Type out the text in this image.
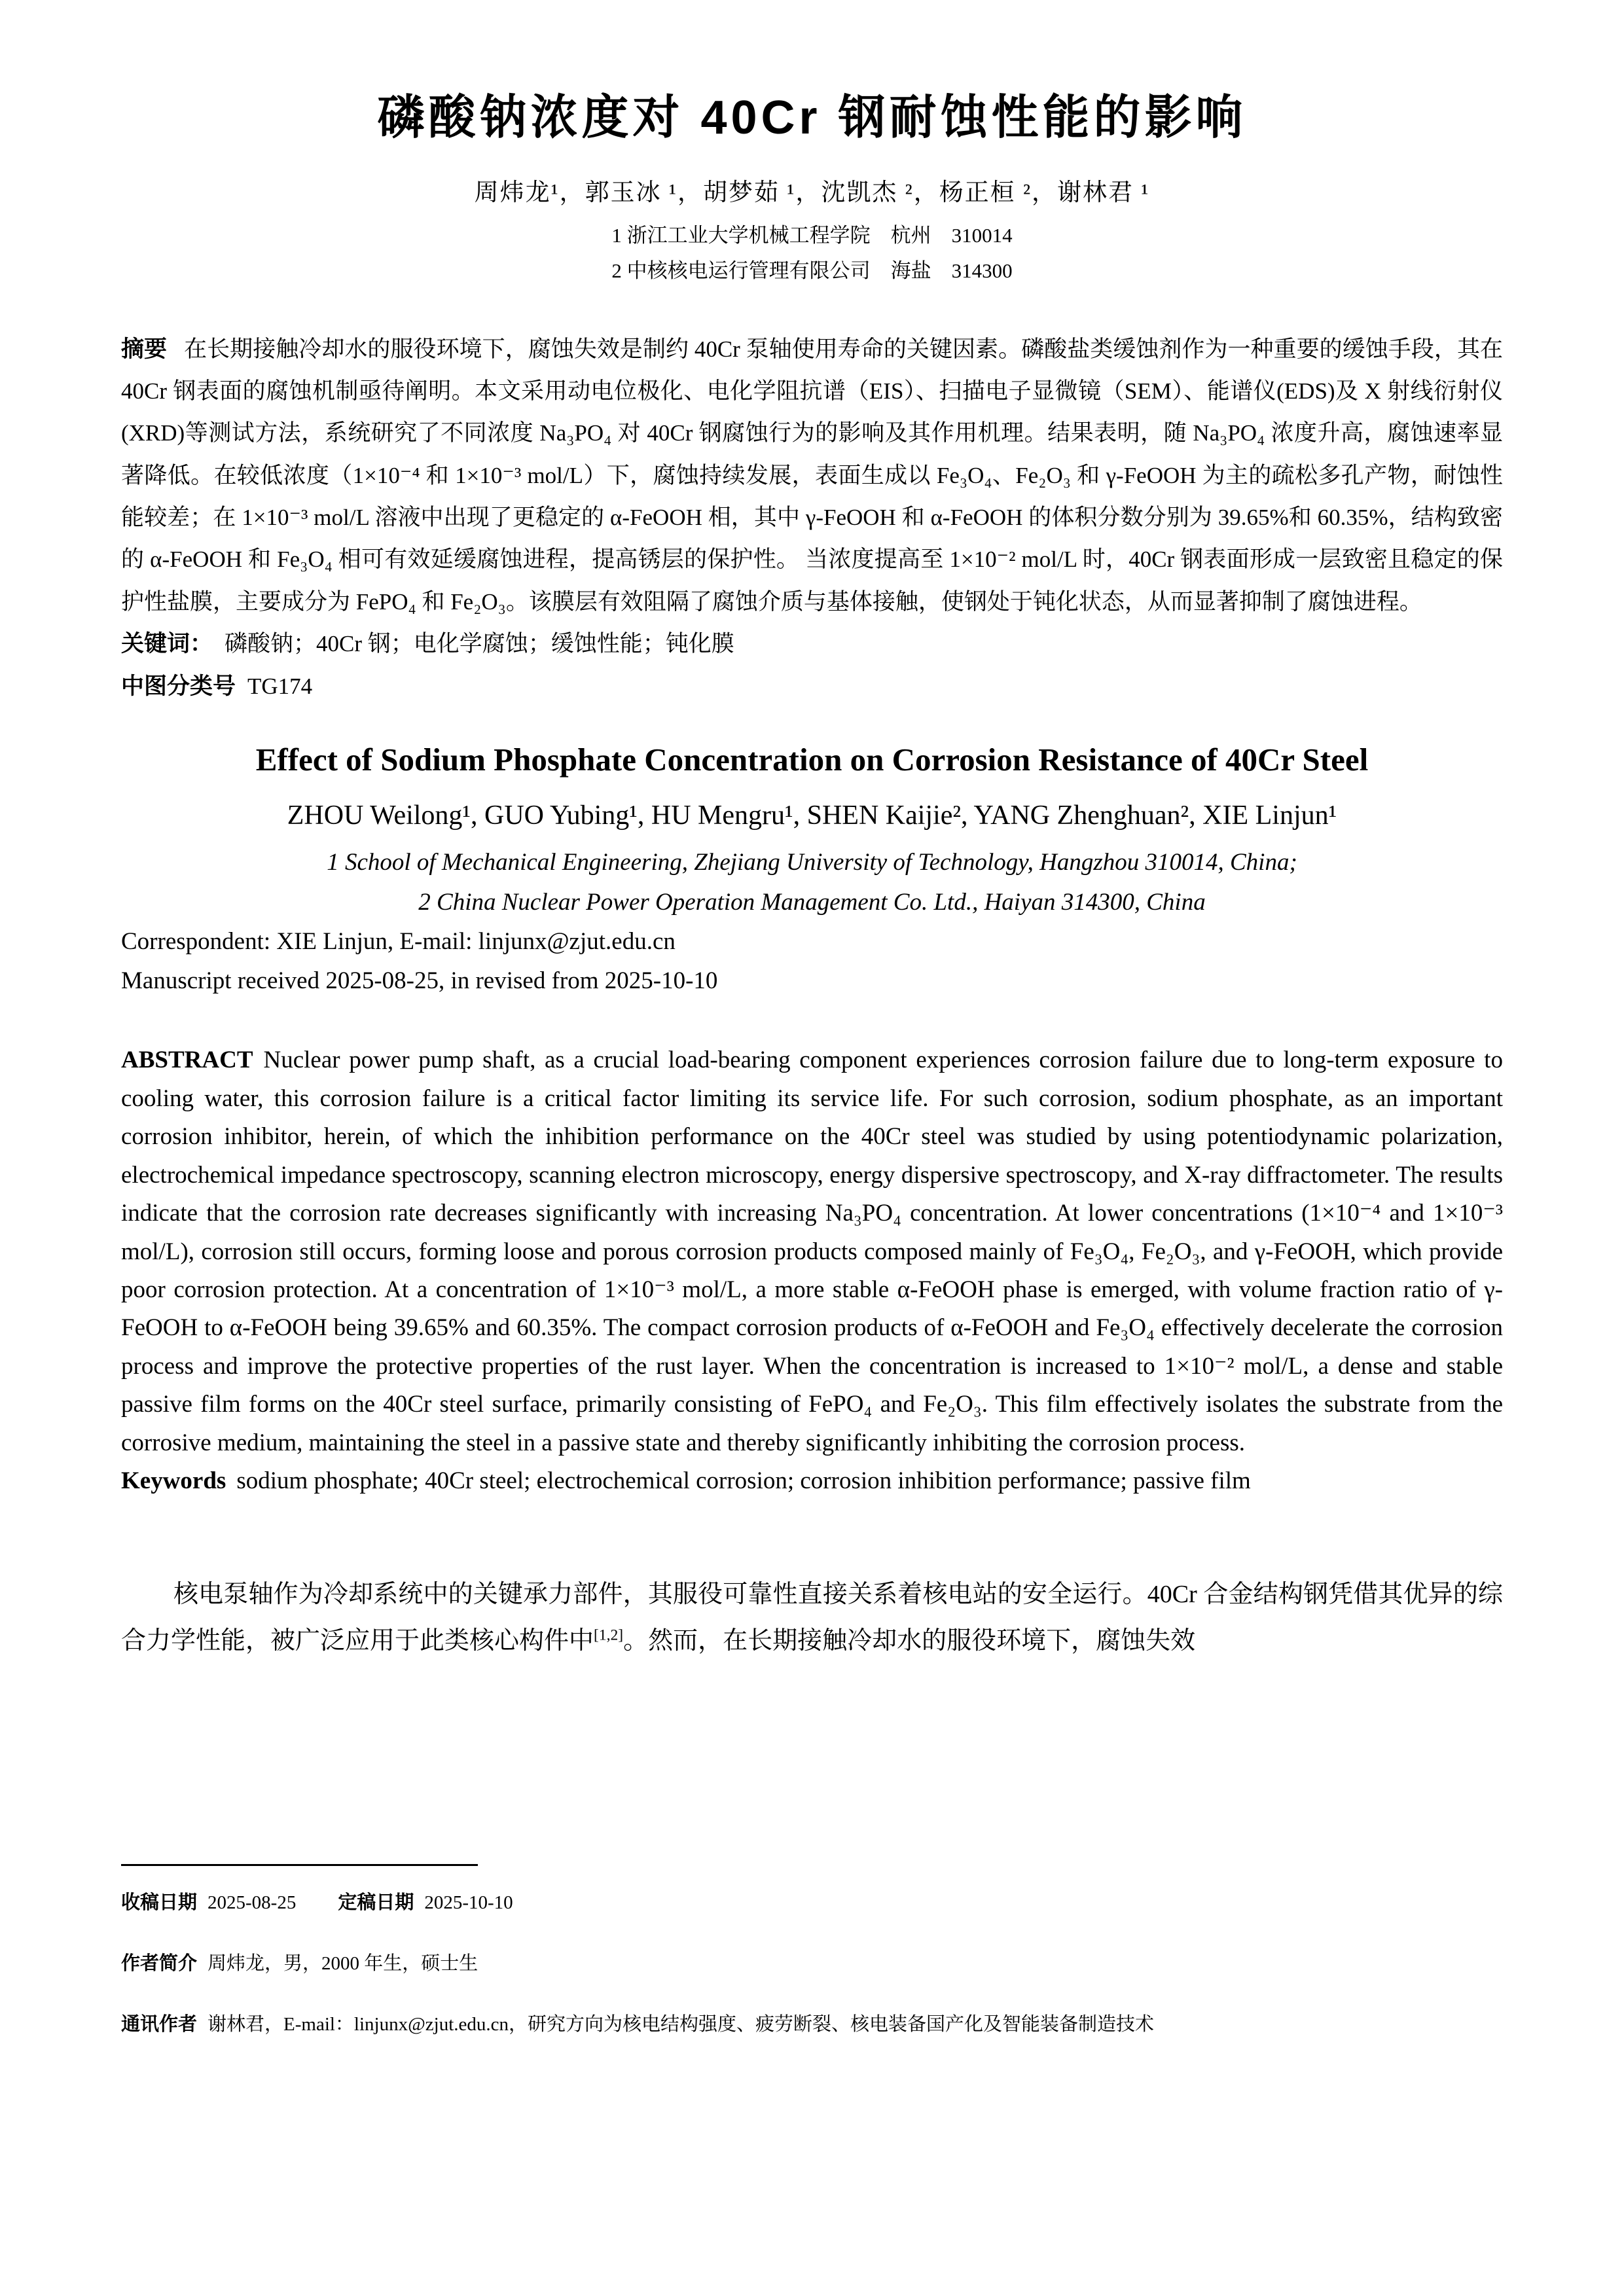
磷酸钠浓度对 40Cr 钢耐蚀性能的影响
周炜龙¹，郭玉冰 ¹，胡梦茹 ¹，沈凯杰 ²，杨正桓 ²，谢林君 ¹
1 浙江工业大学机械工程学院　杭州　310014
2 中核核电运行管理有限公司　海盐　314300

摘要 在长期接触冷却水的服役环境下，腐蚀失效是制约 40Cr 泵轴使用寿命的关键因素。磷酸盐类缓蚀剂作为一种重要的缓蚀手段，其在 40Cr 钢表面的腐蚀机制亟待阐明。本文采用动电位极化、电化学阻抗谱（EIS）、扫描电子显微镜（SEM）、能谱仪(EDS)及 X 射线衍射仪(XRD)等测试方法，系统研究了不同浓度 Na₃PO₄ 对 40Cr 钢腐蚀行为的影响及其作用机理。结果表明，随 Na₃PO₄ 浓度升高，腐蚀速率显著降低。在较低浓度（1×10⁻⁴ 和 1×10⁻³ mol/L）下，腐蚀持续发展，表面生成以 Fe₃O₄、Fe₂O₃ 和 γ-FeOOH 为主的疏松多孔产物，耐蚀性能较差；在 1×10⁻³ mol/L 溶液中出现了更稳定的 α-FeOOH 相，其中 γ-FeOOH 和 α-FeOOH 的体积分数分别为 39.65%和 60.35%，结构致密的 α-FeOOH 和 Fe₃O₄ 相可有效延缓腐蚀进程，提高锈层的保护性。 当浓度提高至 1×10⁻² mol/L 时，40Cr 钢表面形成一层致密且稳定的保护性盐膜，主要成分为 FePO₄ 和 Fe₂O₃。该膜层有效阻隔了腐蚀介质与基体接触，使钢处于钝化状态，从而显著抑制了腐蚀进程。

关键词： 磷酸钠；40Cr 钢；电化学腐蚀；缓蚀性能；钝化膜

中图分类号 TG174

Effect of Sodium Phosphate Concentration on Corrosion Resistance of 40Cr Steel
ZHOU Weilong¹, GUO Yubing¹, HU Mengru¹, SHEN Kaijie², YANG Zhenghuan², XIE Linjun¹
1 School of Mechanical Engineering, Zhejiang University of Technology, Hangzhou 310014, China;
2 China Nuclear Power Operation Management Co. Ltd., Haiyan 314300, China

Correspondent: XIE Linjun, E-mail: linjunx@zjut.edu.cn

Manuscript received 2025-08-25, in revised from 2025-10-10

ABSTRACT Nuclear power pump shaft, as a crucial load-bearing component experiences corrosion failure due to long-term exposure to cooling water, this corrosion failure is a critical factor limiting its service life. For such corrosion, sodium phosphate, as an important corrosion inhibitor, herein, of which the inhibition performance on the 40Cr steel was studied by using potentiodynamic polarization, electrochemical impedance spectroscopy, scanning electron microscopy, energy dispersive spectroscopy, and X-ray diffractometer. The results indicate that the corrosion rate decreases significantly with increasing Na₃PO₄ concentration. At lower concentrations (1×10⁻⁴ and 1×10⁻³ mol/L), corrosion still occurs, forming loose and porous corrosion products composed mainly of Fe₃O₄, Fe₂O₃, and γ-FeOOH, which provide poor corrosion protection. At a concentration of 1×10⁻³ mol/L, a more stable α-FeOOH phase is emerged, with volume fraction ratio of γ-FeOOH to α-FeOOH being 39.65% and 60.35%. The compact corrosion products of α-FeOOH and Fe₃O₄ effectively decelerate the corrosion process and improve the protective properties of the rust layer. When the concentration is increased to 1×10⁻² mol/L, a dense and stable passive film forms on the 40Cr steel surface, primarily consisting of FePO₄ and Fe₂O₃. This film effectively isolates the substrate from the corrosive medium, maintaining the steel in a passive state and thereby significantly inhibiting the corrosion process.

Keywords sodium phosphate; 40Cr steel; electrochemical corrosion; corrosion inhibition performance; passive film

核电泵轴作为冷却系统中的关键承力部件，其服役可靠性直接关系着核电站的安全运行。40Cr 合金结构钢凭借其优异的综合力学性能，被广泛应用于此类核心构件中[1,2]。然而，在长期接触冷却水的服役环境下，腐蚀失效

收稿日期 2025-08-25 定稿日期 2025-10-10

作者简介 周炜龙，男，2000 年生，硕士生

通讯作者 谢林君，E-mail：linjunx@zjut.edu.cn，研究方向为核电结构强度、疲劳断裂、核电装备国产化及智能装备制造技术
